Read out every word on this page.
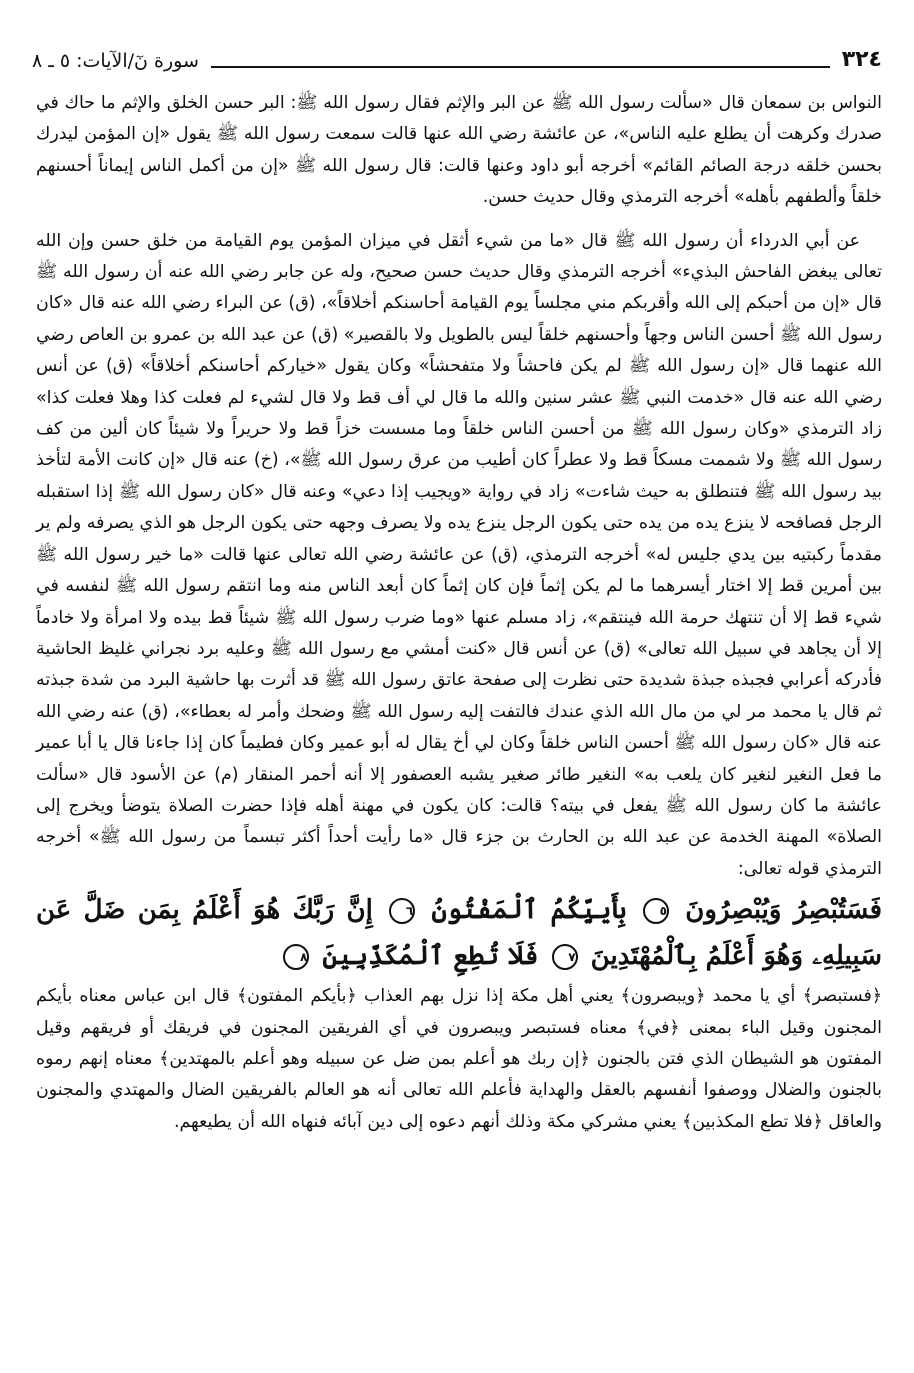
سورة نٓ/الآيات: ٥ ـ ٨	٣٢٤

النواس بن سمعان قال «سألت رسول الله ﷺ عن البر والإثم فقال رسول الله ﷺ: البر حسن الخلق والإثم ما حاك في صدرك وكرهت أن يطلع عليه الناس»، عن عائشة رضي الله عنها قالت سمعت رسول الله ﷺ يقول «إن المؤمن ليدرك بحسن خلقه درجة الصائم القائم» أخرجه أبو داود وعنها قالت: قال رسول الله ﷺ «إن من أكمل الناس إيماناً أحسنهم خلقاً وألطفهم بأهله» أخرجه الترمذي وقال حديث حسن.

عن أبي الدرداء أن رسول الله ﷺ قال «ما من شيء أثقل في ميزان المؤمن يوم القيامة من خلق حسن وإن الله تعالى يبغض الفاحش البذيء» أخرجه الترمذي وقال حديث حسن صحيح، وله عن جابر رضي الله عنه أن رسول الله ﷺ قال «إن من أحبكم إلى الله وأقربكم مني مجلساً يوم القيامة أحاسنكم أخلاقاً»، (ق) عن البراء رضي الله عنه قال «كان رسول الله ﷺ أحسن الناس وجهاً وأحسنهم خلقاً ليس بالطويل ولا بالقصير» (ق) عن عبد الله بن عمرو بن العاص رضي الله عنهما قال «إن رسول الله ﷺ لم يكن فاحشاً ولا متفحشاً» وكان يقول «خياركم أحاسنكم أخلاقاً» (ق) عن أنس رضي الله عنه قال «خدمت النبي ﷺ عشر سنين والله ما قال لي أف قط ولا قال لشيء لم فعلت كذا وهلا فعلت كذا» زاد الترمذي «وكان رسول الله ﷺ من أحسن الناس خلقاً وما مسست خزاً قط ولا حريراً ولا شيئاً كان ألين من كف رسول الله ﷺ ولا شممت مسكاً قط ولا عطراً كان أطيب من عرق رسول الله ﷺ»، (خ) عنه قال «إن كانت الأمة لتأخذ بيد رسول الله ﷺ فتنطلق به حيث شاءت» زاد في رواية «ويجيب إذا دعي» وعنه قال «كان رسول الله ﷺ إذا استقبله الرجل فصافحه لا ينزع يده من يده حتى يكون الرجل ينزع يده ولا يصرف وجهه حتى يكون الرجل هو الذي يصرفه ولم ير مقدماً ركبتيه بين يدي جليس له» أخرجه الترمذي، (ق) عن عائشة رضي الله تعالى عنها قالت «ما خير رسول الله ﷺ بين أمرين قط إلا اختار أيسرهما ما لم يكن إثماً فإن كان إثماً كان أبعد الناس منه وما انتقم رسول الله ﷺ لنفسه في شيء قط إلا أن تنتهك حرمة الله فينتقم»، زاد مسلم عنها «وما ضرب رسول الله ﷺ شيئاً قط بيده ولا امرأة ولا خادماً إلا أن يجاهد في سبيل الله تعالى» (ق) عن أنس قال «كنت أمشي مع رسول الله ﷺ وعليه برد نجراني غليظ الحاشية فأدركه أعرابي فجبذه جبذة شديدة حتى نظرت إلى صفحة عاتق رسول الله ﷺ قد أثرت بها حاشية البرد من شدة جبذته ثم قال يا محمد مر لي من مال الله الذي عندك فالتفت إليه رسول الله ﷺ وضحك وأمر له بعطاء»، (ق) عنه رضي الله عنه قال «كان رسول الله ﷺ أحسن الناس خلقاً وكان لي أخ يقال له أبو عمير وكان فطيماً كان إذا جاءنا قال يا أبا عمير ما فعل النغير لنغير كان يلعب به» النغير طائر صغير يشبه العصفور إلا أنه أحمر المنقار (م) عن الأسود قال «سألت عائشة ما كان رسول الله ﷺ يفعل في بيته؟ قالت: كان يكون في مهنة أهله فإذا حضرت الصلاة يتوضأ ويخرج إلى الصلاة» المهنة الخدمة عن عبد الله بن الحارث بن جزء قال «ما رأيت أحداً أكثر تبسماً من رسول الله ﷺ» أخرجه الترمذي قوله تعالى:

فَسَتُبْصِرُ وَيُبْصِرُونَ ٥ بِأَييِّكُمُ ٱلْمَفْتُونُ ٦ إِنَّ رَبَّكَ هُوَ أَعْلَمُ بِمَن ضَلَّ عَن سَبِيلِهِۦ وَهُوَ أَعْلَمُ بِٱلْمُهْتَدِينَ ٧ فَلَا تُطِعِ ٱلْمُكَذِّبِينَ ٨

﴿فستبصر﴾ أي يا محمد ﴿ويبصرون﴾ يعني أهل مكة إذا نزل بهم العذاب ﴿بأيكم المفتون﴾ قال ابن عباس معناه بأيكم المجنون وقيل الباء بمعنى ﴿في﴾ معناه فستبصر ويبصرون في أي الفريقين المجنون في فريقك أو فريقهم وقيل المفتون هو الشيطان الذي فتن بالجنون ﴿إن ربك هو أعلم بمن ضل عن سبيله وهو أعلم بالمهتدين﴾ معناه إنهم رموه بالجنون والضلال ووصفوا أنفسهم بالعقل والهداية فأعلم الله تعالى أنه هو العالم بالفريقين الضال والمهتدي والمجنون والعاقل ﴿فلا تطع المكذبين﴾ يعني مشركي مكة وذلك أنهم دعوه إلى دين آبائه فنهاه الله أن يطيعهم.
